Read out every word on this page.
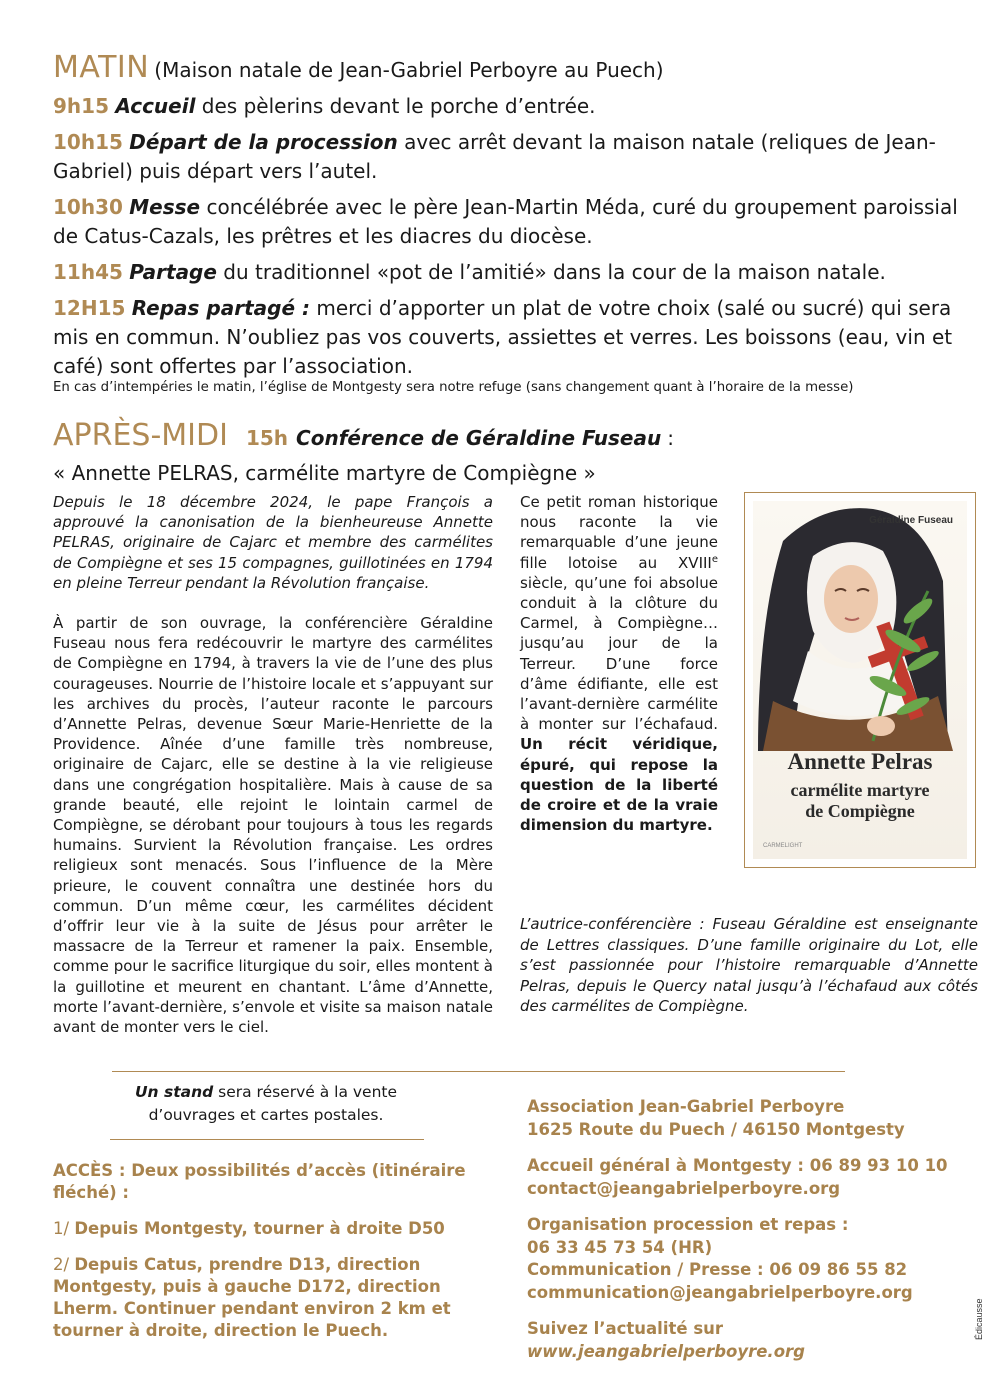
MATIN (Maison natale de Jean-Gabriel Perboyre au Puech)
9h15 Accueil des pèlerins devant le porche d’entrée.
10h15 Départ de la procession avec arrêt devant la maison natale (reliques de Jean-Gabriel) puis départ vers l’autel.
10h30 Messe concélébrée avec le père Jean-Martin Méda, curé du groupement paroissial de Catus-Cazals, les prêtres et les diacres du diocèse.
11h45 Partage du traditionnel «pot de l’amitié» dans la cour de la maison natale.
12H15 Repas partagé : merci d’apporter un plat de votre choix (salé ou sucré) qui sera mis en commun. N’oubliez pas vos couverts, assiettes et verres. Les boissons (eau, vin et café) sont offertes par l’association.
En cas d’intempéries le matin, l’église de Montgesty sera notre refuge (sans changement quant à l’horaire de la messe)
APRÈS-MIDI 15h Conférence de Géraldine Fuseau :
« Annette PELRAS, carmélite martyre de Compiègne »

Depuis le 18 décembre 2024, le pape François a approuvé la canonisation de la bienheureuse Annette PELRAS, originaire de Cajarc et membre des carmélites de Compiègne et ses 15 compagnes, guillotinées en 1794 en pleine Terreur pendant la Révolution française.

À partir de son ouvrage, la conférencière Géraldine Fuseau nous fera redécouvrir le martyre des carmélites de Compiègne en 1794, à travers la vie de l’une des plus courageuses. Nourrie de l’histoire locale et s’appuyant sur les archives du procès, l’auteur raconte le parcours d’Annette Pelras, devenue Sœur Marie-Henriette de la Providence. Aînée d’une famille très nombreuse, originaire de Cajarc, elle se destine à la vie religieuse dans une congrégation hospitalière. Mais à cause de sa grande beauté, elle rejoint le lointain carmel de Compiègne, se dérobant pour toujours à tous les regards humains. Survient la Révolution française. Les ordres religieux sont menacés. Sous l’influence de la Mère prieure, le couvent connaîtra une destinée hors du commun. D’un même cœur, les carmélites décident d’offrir leur vie à la suite de Jésus pour arrêter le massacre de la Terreur et ramener la paix. Ensemble, comme pour le sacrifice liturgique du soir, elles montent à la guillotine et meurent en chantant. L’âme d’Annette, morte l’avant-dernière, s’envole et visite sa maison natale avant de monter vers le ciel.

Ce petit roman historique nous raconte la vie remarquable d’une jeune fille lotoise au XVIIIe siècle, qu’une foi absolue conduit à la clôture du Carmel, à Compiègne… jusqu’au jour de la Terreur. D’une force d’âme édifiante, elle est l’avant-dernière carmélite à monter sur l’échafaud. Un récit véridique, épuré, qui repose la question de la liberté de croire et de la vraie dimension du martyre.
Géraldine Fuseau
Annette Pelras
carmélite martyre
de Compiègne
CARMELIGHT
L’autrice-conférencière : Fuseau Géraldine est enseignante de Lettres classiques. D’une famille originaire du Lot, elle s’est passionnée pour l’histoire remarquable d’Annette Pelras, depuis le Quercy natal jusqu’à l’échafaud aux côtés des carmélites de Compiègne.
Un stand sera réservé à la vente d’ouvrages et cartes postales.

ACCÈS : Deux possibilités d’accès (itinéraire fléché) :

1/ Depuis Montgesty, tourner à droite D50

2/ Depuis Catus, prendre D13, direction Montgesty, puis à gauche D172, direction Lherm. Continuer pendant environ 2 km et tourner à droite, direction le Puech.

Association Jean-Gabriel Perboyre
1625 Route du Puech / 46150 Montgesty

Accueil général à Montgesty : 06 89 93 10 10
contact@jeangabrielperboyre.org

Organisation procession et repas :
06 33 45 73 54 (HR)
Communication / Presse : 06 09 86 55 82
communication@jeangabrielperboyre.org

Suivez l’actualité sur
www.jeangabrielperboyre.org

Édicausse
